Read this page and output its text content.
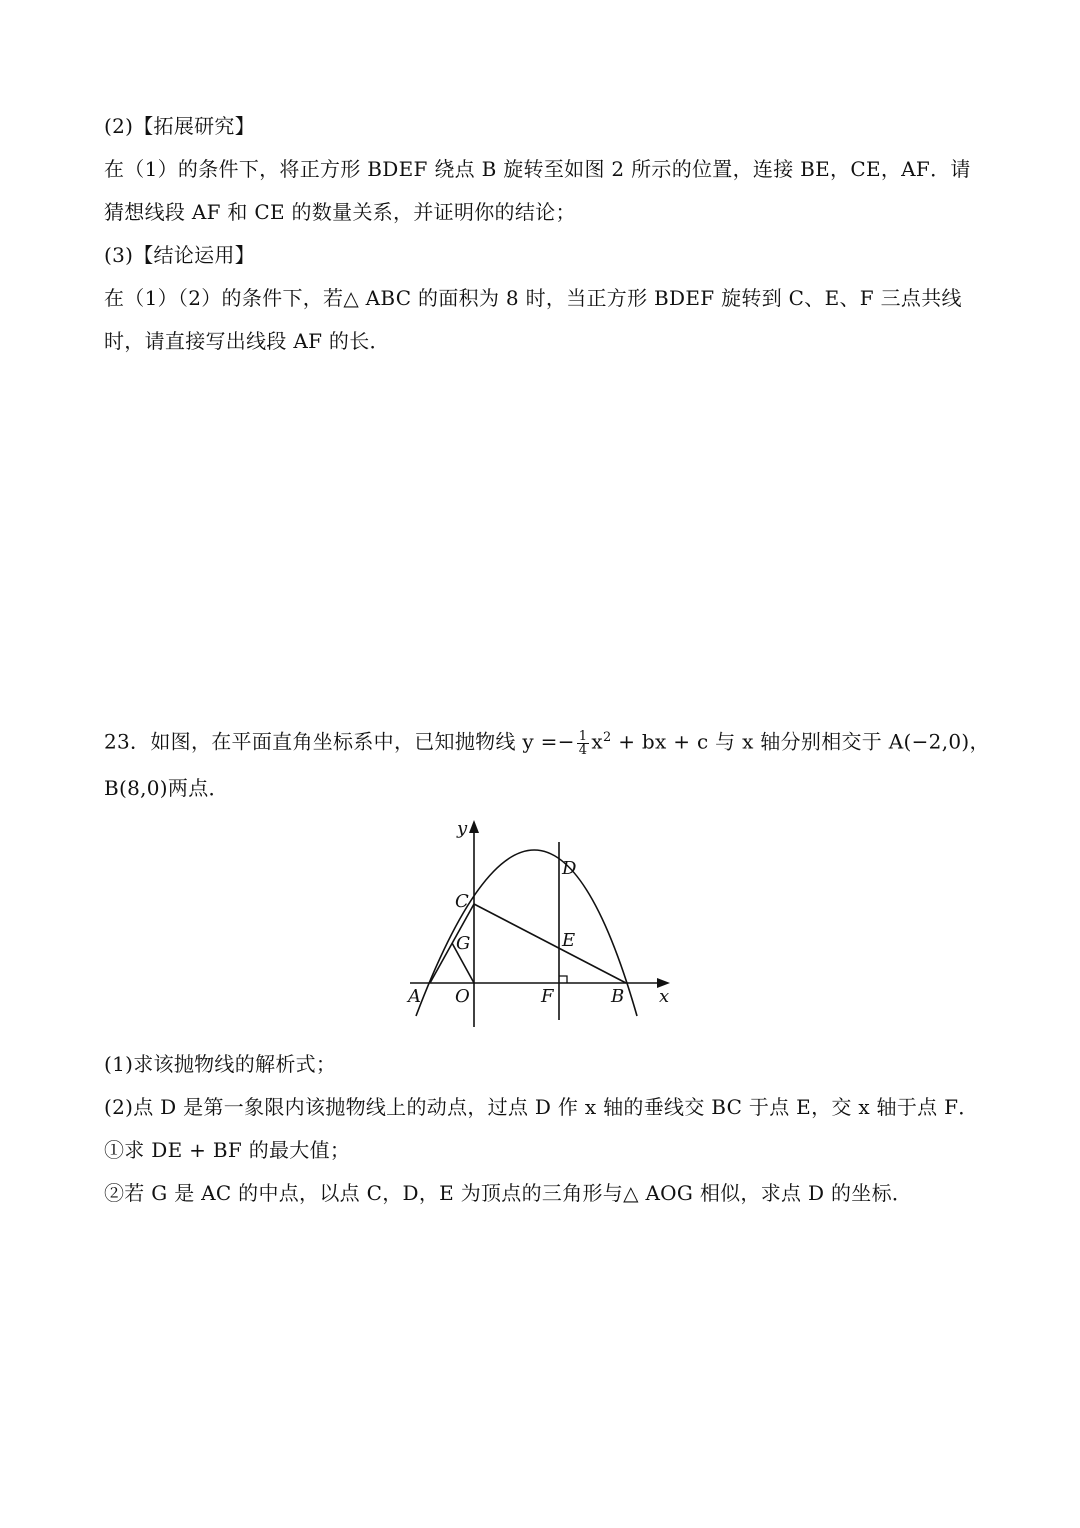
(2)【拓展研究】
在（1）的条件下，将正方形 BDEF 绕点 B 旋转至如图 2 所示的位置，连接 BE，CE，AF．请
猜想线段 AF 和 CE 的数量关系，并证明你的结论；
(3)【结论运用】
在（1）（2）的条件下，若△ ABC 的面积为 8 时，当正方形 BDEF 旋转到 C、E、F 三点共线
时，请直接写出线段 AF 的长．
23．如图，在平面直角坐标系中，已知抛物线 $y =- \frac{1}{4} x^2$ + bx + c 与 x 轴分别相交于 A(−2,0)，
B(8,0)两点．
y
x
A O	F	B
C
G	E
D
(1)求该抛物线的解析式；
(2)点 D 是第一象限内该抛物线上的动点，过点 D 作 x 轴的垂线交 BC 于点 E，交 x 轴于点 F．
①求 DE + BF 的最大值；
②若 G 是 AC 的中点，以点 C，D，E 为顶点的三角形与△ AOG 相似，求点 D 的坐标．
